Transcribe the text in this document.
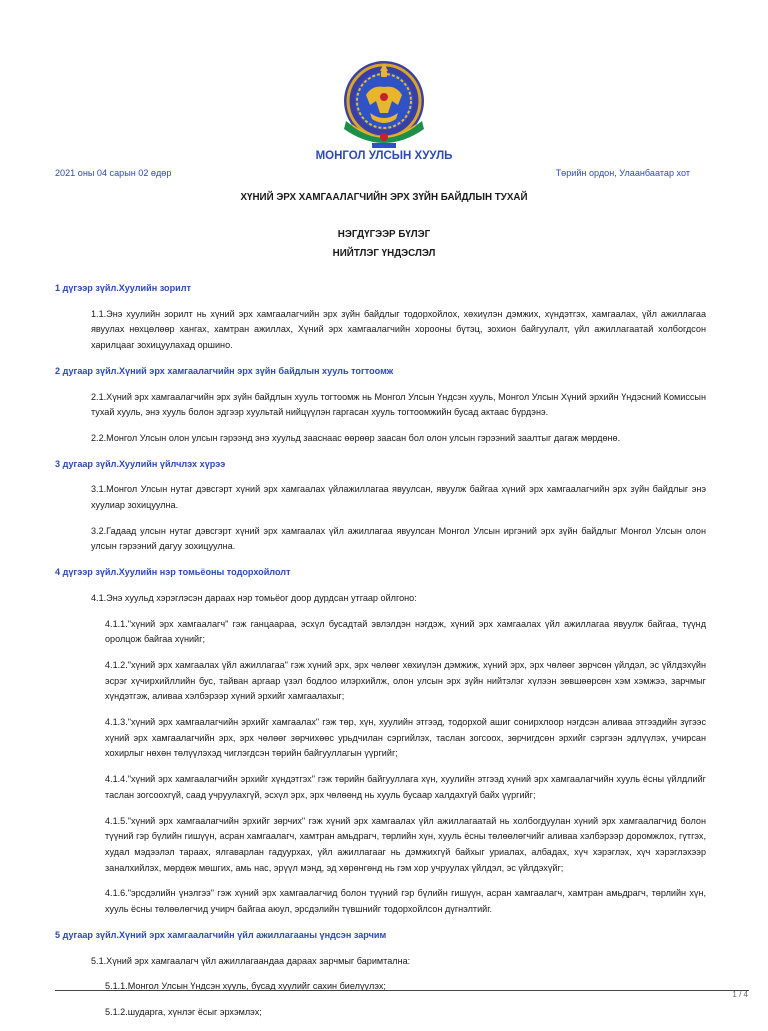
МОНГОЛ УЛСЫН ХУУЛЬ
2021 оны 04 сарын 02 өдөр	Төрийн ордон, Улаанбаатар хот
ХҮНИЙ ЭРХ ХАМГААЛАГЧИЙН ЭРХ ЗҮЙН БАЙДЛЫН ТУХАЙ
НЭГДҮГЭЭР БҮЛЭГ
НИЙТЛЭГ ҮНДЭСЛЭЛ
1 дүгээр зүйл.Хуулийн зорилт

1.1.Энэ хуулийн зорилт нь хүний эрх хамгаалагчийн эрх зүйн байдлыг тодорхойлох, хөхиүлэн дэмжих, хүндэтгэх, хамгаалах, үйл ажиллагаа явуулах нөхцөлөөр хангах, хамтран ажиллах, Хүний эрх хамгаалагчийн хорооны бүтэц, зохион байгуулалт, үйл ажиллагаатай холбогдсон харилцааг зохицуулахад оршино.

2 дугаар зүйл.Хүний эрх хамгаалагчийн эрх зүйн байдлын хууль тогтоомж

2.1.Хүний эрх хамгаалагчийн эрх зүйн байдлын хууль тогтоомж нь Монгол Улсын Үндсэн хууль, Монгол Улсын Хүний эрхийн Үндэсний Комиссын тухай хууль, энэ хууль болон эдгээр хуультай нийцүүлэн гаргасан хууль тогтоомжийн бусад актаас бүрдэнэ.

2.2.Монгол Улсын олон улсын гэрээнд энэ хуульд зааснаас өөрөөр заасан бол олон улсын гэрээний заалтыг дагаж мөрдөнө.

3 дугаар зүйл.Хуулийн үйлчлэх хүрээ

3.1.Монгол Улсын нутаг дэвсгэрт хүний эрх хамгаалах үйлажиллагаа явуулсан, явуулж байгаа хүний эрх хамгаалагчийн эрх зүйн байдлыг энэ хуулиар зохицуулна.

3.2.Гадаад улсын нутаг дэвсгэрт хүний эрх хамгаалах үйл ажиллагаа явуулсан Монгол Улсын иргэний эрх зүйн байдлыг Монгол Улсын олон улсын гэрээний дагуу зохицуулна.

4 дүгээр зүйл.Хуулийн нэр томьёоны тодорхойлолт

4.1.Энэ хуульд хэрэглэсэн дараах нэр томьёог доор дурдсан утгаар ойлгоно:

4.1.1."хүний эрх хамгаалагч" гэж ганцаараа, эсхүл бусадтай эвлэлдэн нэгдэж, хүний эрх хамгаалах үйл ажиллагаа явуулж байгаа, түүнд оролцож байгаа хүнийг;

4.1.2."хүний эрх хамгаалах үйл ажиллагаа" гэж хүний эрх, эрх чөлөөг хөхиүлэн дэмжиж, хүний эрх, эрх чөлөөг зөрчсөн үйлдэл, эс үйлдэхүйн эсрэг хүчирхийллийн бус, тайван аргаар үзэл бодлоо илэрхийлж, олон улсын эрх зүйн нийтэлэг хүлээн зөвшөөрсөн хэм хэмжээ, зарчмыг хүндэтгэж, аливаа хэлбэрээр хүний эрхийг хамгаалахыг;

4.1.3."хүний эрх хамгаалагчийн эрхийг хамгаалах" гэж төр, хүн, хуулийн этгээд, тодорхой ашиг сонирхлоор нэгдсэн аливаа этгээдийн зүгээс хүний эрх хамгаалагчийн эрх, эрх чөлөөг зөрчихөөс урьдчилан сэргийлэх, таслан зогсоох, зөрчигдсөн эрхийг сэргээн эдлүүлэх, учирсан хохирлыг нөхөн төлүүлэхэд чиглэгдсэн төрийн байгууллагын үүргийг;

4.1.4."хүний эрх хамгаалагчийн эрхийг хүндэтгэх" гэж төрийн байгууллага хүн, хуулийн этгээд хүний эрх хамгаалагчийн хууль ёсны үйлдлийг таслан зогсоохгүй, саад учруулахгүй, эсхүл эрх, эрх чөлөөнд нь хууль бусаар халдахгүй байх үүргийг;

4.1.5."хүний эрх хамгаалагчийн эрхийг зөрчих" гэж хүний эрх хамгаалах үйл ажиллагаатай нь холбогдуулан хүний эрх хамгаалагчид болон түүний гэр бүлийн гишүүн, асран хамгаалагч, хамтран амьдрагч, төрлийн хүн, хууль ёсны төлөөлөгчийг аливаа хэлбэрээр доромжлох, гүтгэх, худал мэдээлэл тараах, ялгаварлан гадуурхах, үйл ажиллагааг нь дэмжихгүй байхыг уриалах, албадах, хүч хэрэглэх, хүч хэрэглэхээр заналхийлэх, мөрдөж мөшгих, амь нас, эрүүл мэнд, эд хөрөнгөнд нь гэм хор учруулах үйлдэл, эс үйлдэхүйг;

4.1.6."эрсдэлийн үнэлгээ" гэж хүний эрх хамгаалагчид болон түүний гэр бүлийн гишүүн, асран хамгаалагч, хамтран амьдрагч, төрлийн хүн, хууль ёсны төлөөлөгчид учирч байгаа аюул, эрсдэлийн түвшнийг тодорхойлсон дүгнэлтийг.

5 дугаар зүйл.Хүний эрх хамгаалагчийн үйл ажиллагааны үндсэн зарчим

5.1.Хүний эрх хамгаалагч үйл ажиллагаандаа дараах зарчмыг баримтална:

5.1.1.Монгол Улсын Үндсэн хууль, бусад хуулийг сахин биелүүлэх;

5.1.2.шударга, хүнлэг ёсыг эрхэмлэх;

1 / 4
